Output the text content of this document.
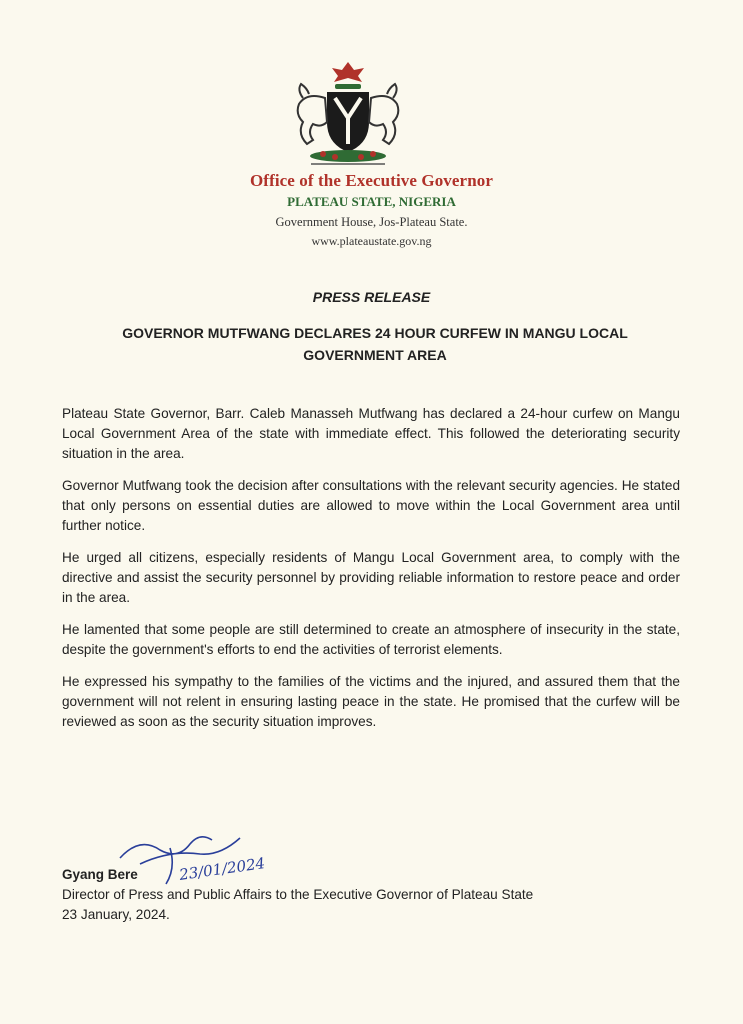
Office of the Executive Governor
PLATEAU STATE, NIGERIA
Government House, Jos-Plateau State.
www.plateaustate.gov.ng
PRESS RELEASE
GOVERNOR MUTFWANG DECLARES 24 HOUR CURFEW IN MANGU LOCAL GOVERNMENT AREA

Plateau State Governor, Barr. Caleb Manasseh Mutfwang has declared a 24-hour curfew on Mangu Local Government Area of the state with immediate effect. This followed the deteriorating security situation in the area.

Governor Mutfwang took the decision after consultations with the relevant security agencies. He stated that only persons on essential duties are allowed to move within the Local Government area until further notice.

He urged all citizens, especially residents of Mangu Local Government area, to comply with the directive and assist the security personnel by providing reliable information to restore peace and order in the area.

He lamented that some people are still determined to create an atmosphere of insecurity in the state, despite the government's efforts to end the activities of terrorist elements.

He expressed his sympathy to the families of the victims and the injured, and assured them that the government will not relent in ensuring lasting peace in the state. He promised that the curfew will be reviewed as soon as the security situation improves.

23/01/2024
Gyang Bere
Director of Press and Public Affairs to the Executive Governor of Plateau State
23 January, 2024.
